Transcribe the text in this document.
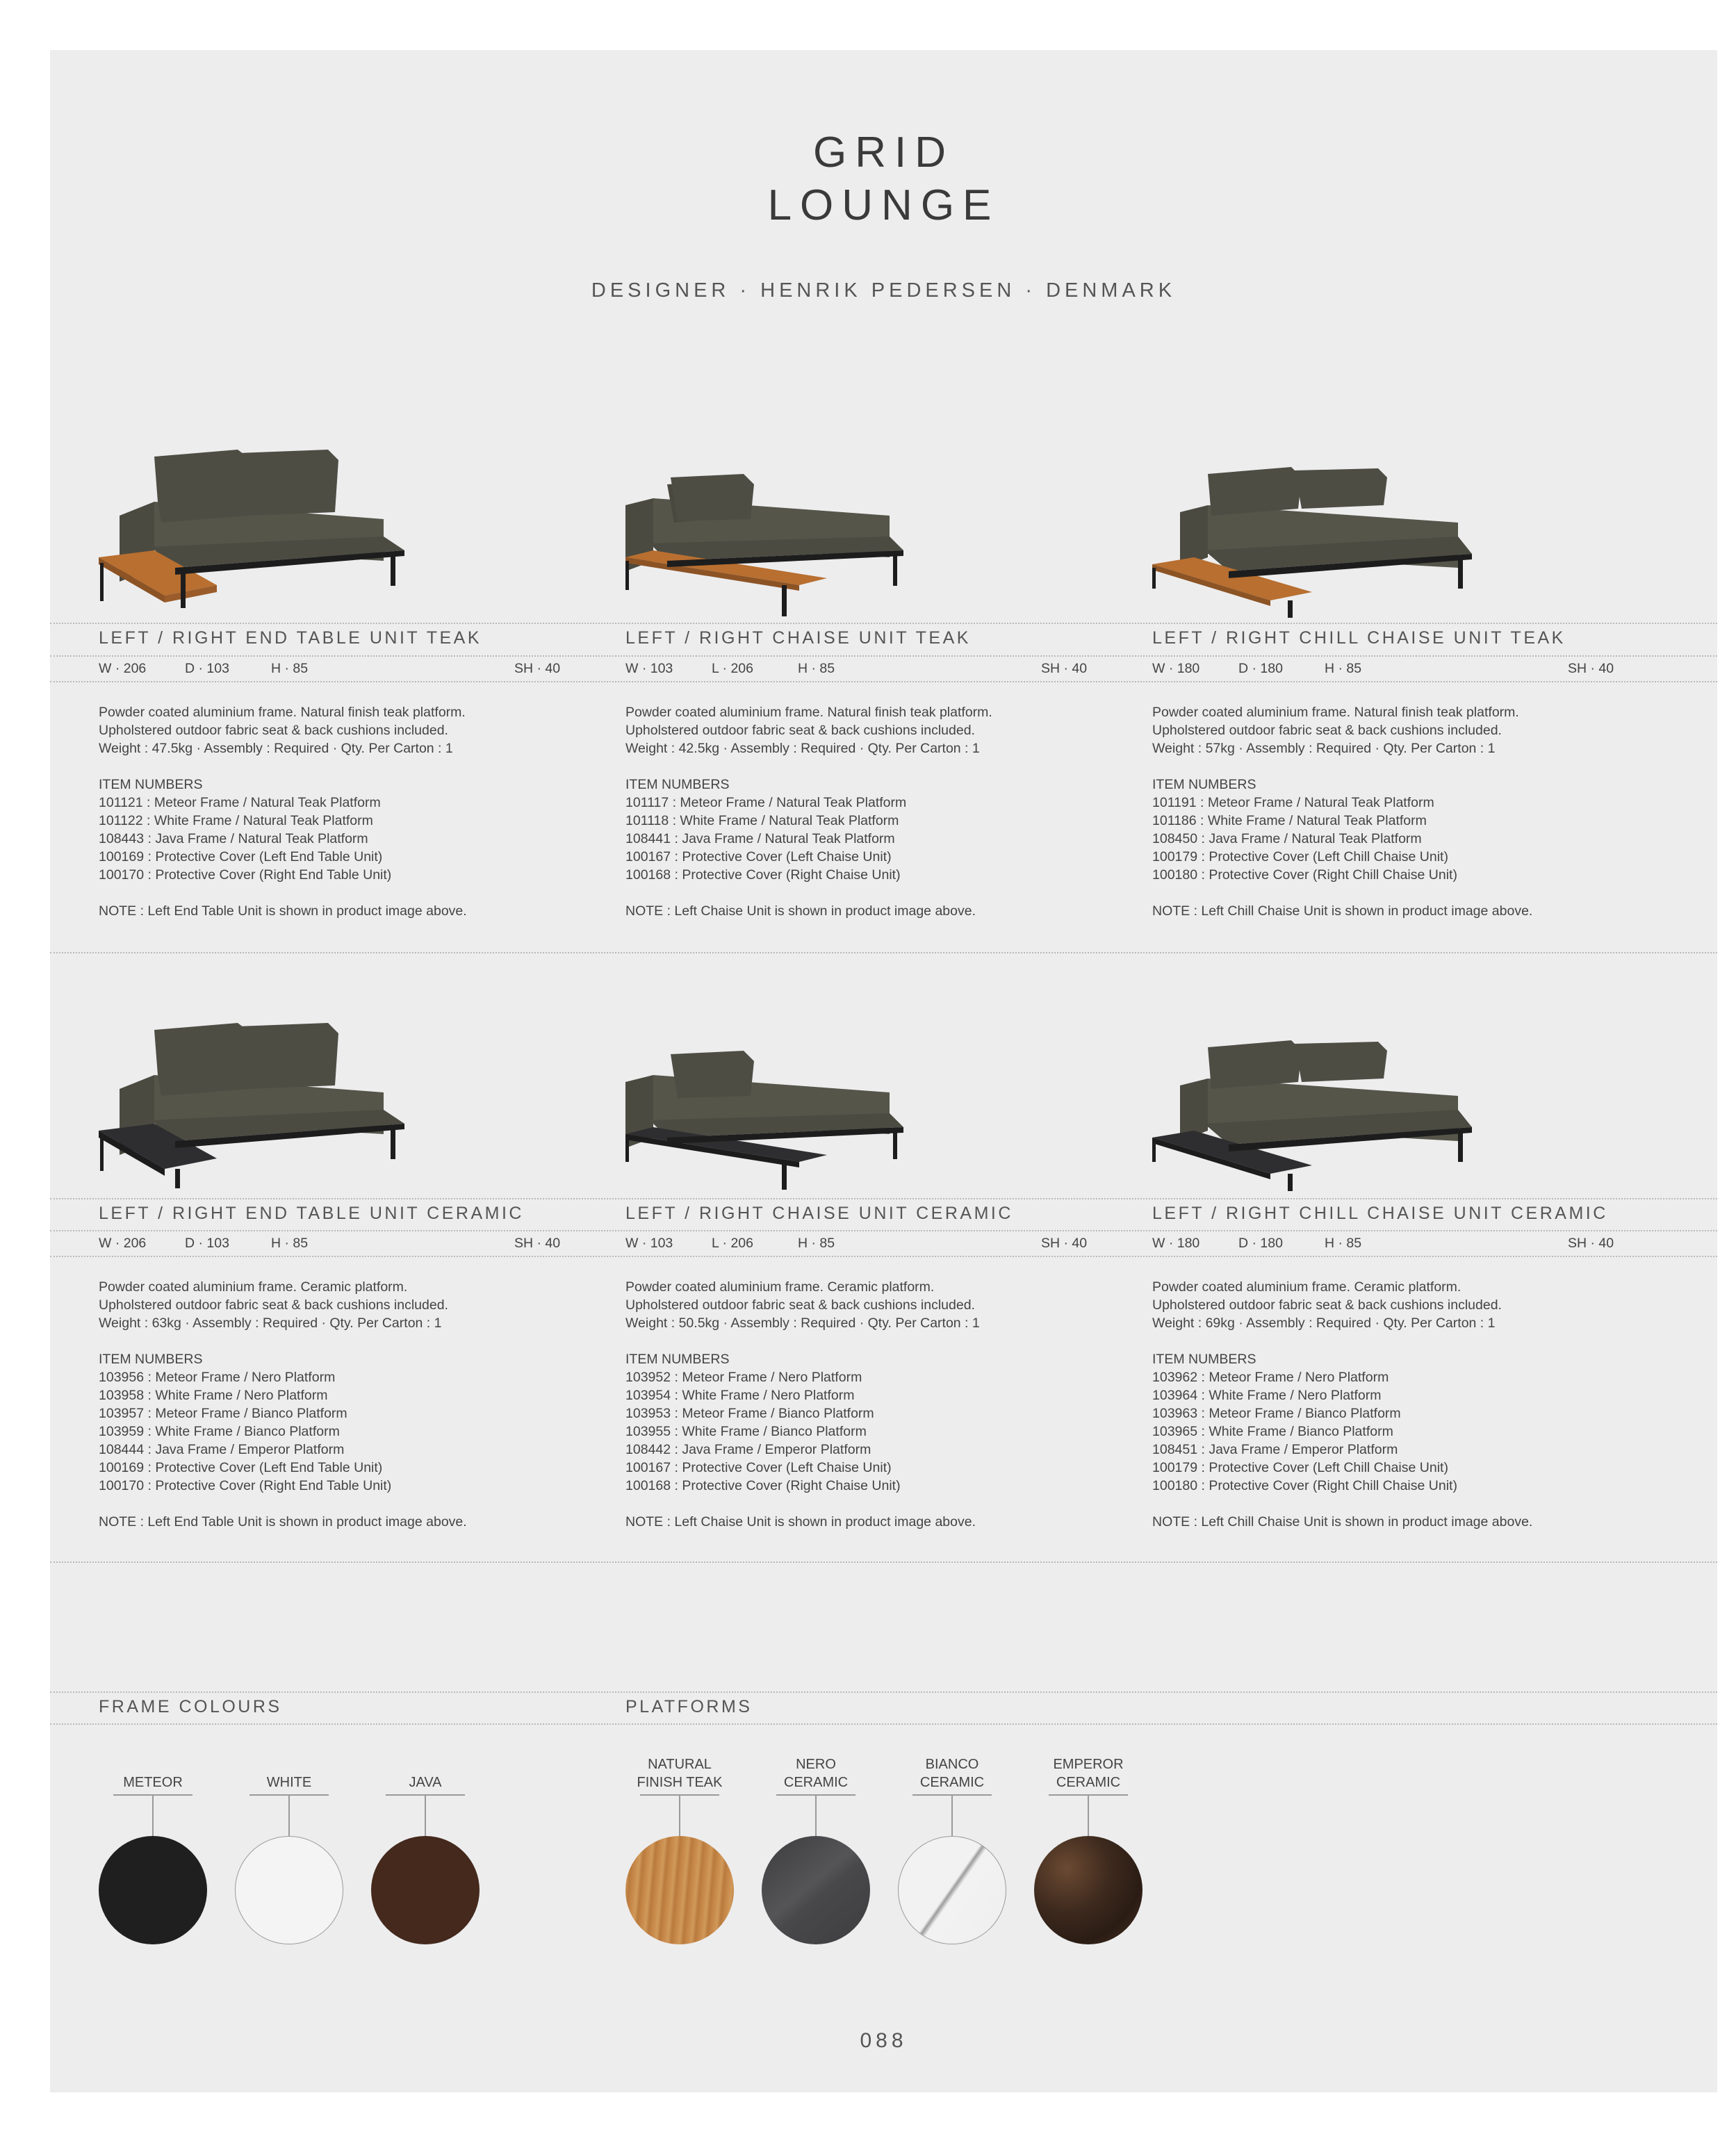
GRID
LOUNGE
DESIGNER · HENRIK PEDERSEN · DENMARK
LEFT / RIGHT END TABLE UNIT TEAK
W · 206	D · 103	H · 85	SH · 40

Powder coated aluminium frame. Natural finish teak platform.

Upholstered outdoor fabric seat & back cushions included.

Weight : 47.5kg · Assembly : Required · Qty. Per Carton : 1

ITEM NUMBERS

101121 : Meteor Frame / Natural Teak Platform

101122 : White Frame / Natural Teak Platform

108443 : Java Frame / Natural Teak Platform

100169 : Protective Cover (Left End Table Unit)

100170 : Protective Cover (Right End Table Unit)

NOTE : Left End Table Unit is shown in product image above.

LEFT / RIGHT CHAISE UNIT TEAK
W · 103	L · 206	H · 85	SH · 40

Powder coated aluminium frame. Natural finish teak platform.

Upholstered outdoor fabric seat & back cushions included.

Weight : 42.5kg · Assembly : Required · Qty. Per Carton : 1

ITEM NUMBERS

101117 : Meteor Frame / Natural Teak Platform

101118 : White Frame / Natural Teak Platform

108441 : Java Frame / Natural Teak Platform

100167 : Protective Cover (Left Chaise Unit)

100168 : Protective Cover (Right Chaise Unit)

NOTE : Left Chaise Unit is shown in product image above.

LEFT / RIGHT CHILL CHAISE UNIT TEAK
W · 180	D · 180	H · 85	SH · 40

Powder coated aluminium frame. Natural finish teak platform.

Upholstered outdoor fabric seat & back cushions included.

Weight : 57kg · Assembly : Required · Qty. Per Carton : 1

ITEM NUMBERS

101191 : Meteor Frame / Natural Teak Platform

101186 : White Frame / Natural Teak Platform

108450 : Java Frame / Natural Teak Platform

100179 : Protective Cover (Left Chill Chaise Unit)

100180 : Protective Cover (Right Chill Chaise Unit)

NOTE : Left Chill Chaise Unit is shown in product image above.

LEFT / RIGHT END TABLE UNIT CERAMIC
W · 206	D · 103	H · 85	SH · 40

Powder coated aluminium frame. Ceramic platform.

Upholstered outdoor fabric seat & back cushions included.

Weight : 63kg · Assembly : Required · Qty. Per Carton : 1

ITEM NUMBERS

103956 : Meteor Frame / Nero Platform

103958 : White Frame / Nero Platform

103957 : Meteor Frame / Bianco Platform

103959 : White Frame / Bianco Platform

108444 : Java Frame / Emperor Platform

100169 : Protective Cover (Left End Table Unit)

100170 : Protective Cover (Right End Table Unit)

NOTE : Left End Table Unit is shown in product image above.

LEFT / RIGHT CHAISE UNIT CERAMIC
W · 103	L · 206	H · 85	SH · 40

Powder coated aluminium frame. Ceramic platform.

Upholstered outdoor fabric seat & back cushions included.

Weight : 50.5kg · Assembly : Required · Qty. Per Carton : 1

ITEM NUMBERS

103952 : Meteor Frame / Nero Platform

103954 : White Frame / Nero Platform

103953 : Meteor Frame / Bianco Platform

103955 : White Frame / Bianco Platform

108442 : Java Frame / Emperor Platform

100167 : Protective Cover (Left Chaise Unit)

100168 : Protective Cover (Right Chaise Unit)

NOTE : Left Chaise Unit is shown in product image above.

LEFT / RIGHT CHILL CHAISE UNIT CERAMIC
W · 180	D · 180	H · 85	SH · 40

Powder coated aluminium frame. Ceramic platform.

Upholstered outdoor fabric seat & back cushions included.

Weight : 69kg · Assembly : Required · Qty. Per Carton : 1

ITEM NUMBERS

103962 : Meteor Frame / Nero Platform

103964 : White Frame / Nero Platform

103963 : Meteor Frame / Bianco Platform

103965 : White Frame / Bianco Platform

108451 : Java Frame / Emperor Platform

100179 : Protective Cover (Left Chill Chaise Unit)

100180 : Protective Cover (Right Chill Chaise Unit)

NOTE : Left Chill Chaise Unit is shown in product image above.

FRAME COLOURS	PLATFORMS
METEOR	WHITE	JAVA
NATURAL
FINISH TEAK
NERO
CERAMIC
BIANCO
CERAMIC
EMPEROR
CERAMIC
088
